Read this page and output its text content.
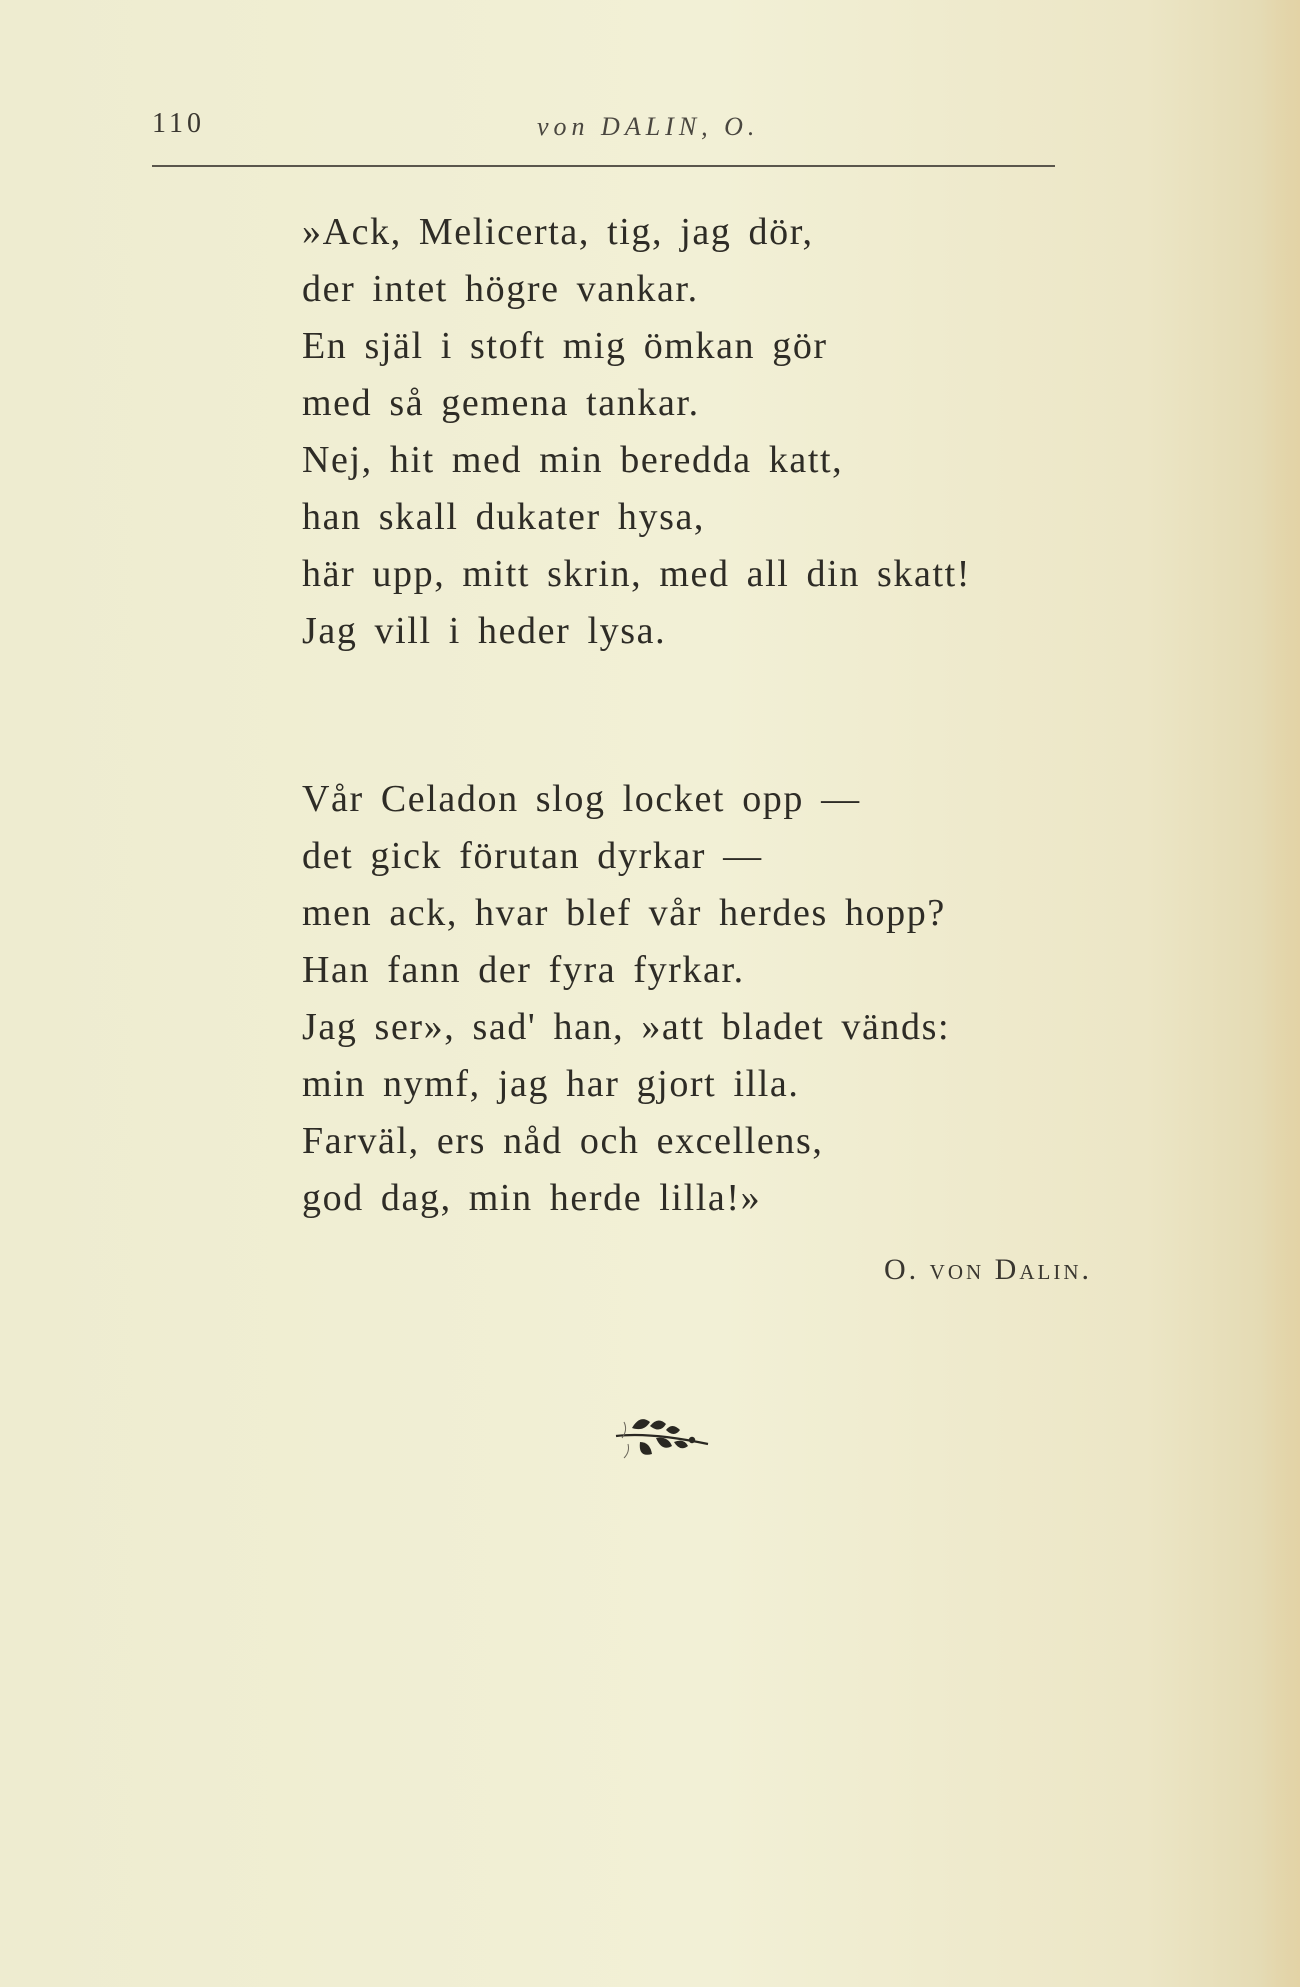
110	von DALIN, O.
»Ack, Melicerta, tig, jag dör,
der intet högre vankar.
En själ i stoft mig ömkan gör
med så gemena tankar.
Nej, hit med min beredda katt,
han skall dukater hysa,
här upp, mitt skrin, med all din skatt!
Jag vill i heder lysa.
Vår Celadon slog locket opp —
det gick förutan dyrkar —
men ack, hvar blef vår herdes hopp?
Han fann der fyra fyrkar.
Jag ser», sad' han, »att bladet vänds:
min nymf, jag har gjort illa.
Farväl, ers nåd och excellens,
god dag, min herde lilla!»
O. von Dalin.
